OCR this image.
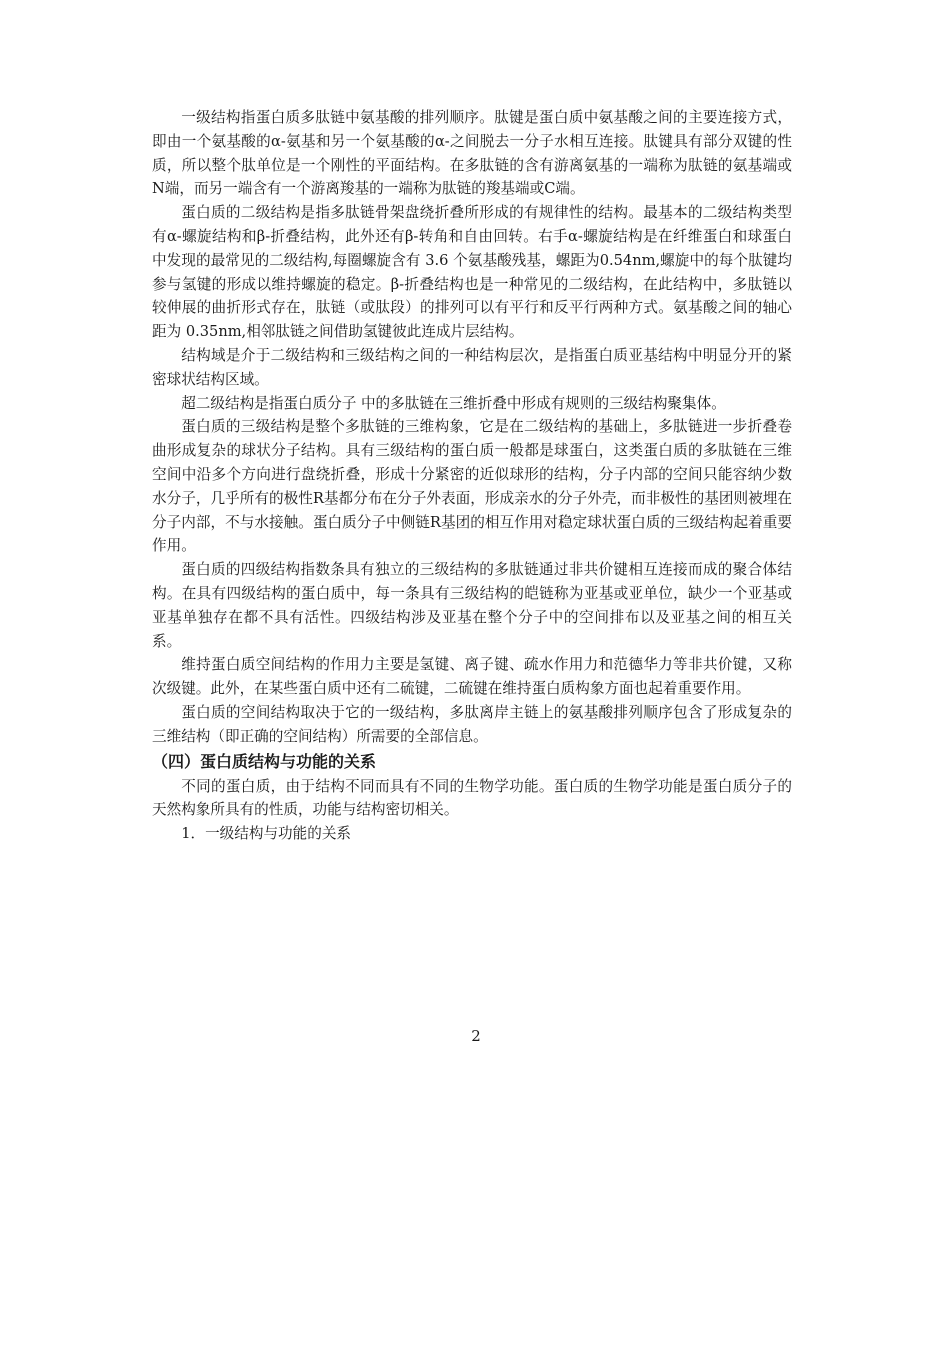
一级结构指蛋白质多肽链中氨基酸的排列顺序。肽键是蛋白质中氨基酸之间的主要连接方式，即由一个氨基酸的α-氨基和另一个氨基酸的α-之间脱去一分子水相互连接。肽键具有部分双键的性质，所以整个肽单位是一个刚性的平面结构。在多肽链的含有游离氨基的一端称为肽链的氨基端或N端，而另一端含有一个游离羧基的一端称为肽链的羧基端或C端。

蛋白质的二级结构是指多肽链骨架盘绕折叠所形成的有规律性的结构。最基本的二级结构类型有α-螺旋结构和β-折叠结构，此外还有β-转角和自由回转。右手α-螺旋结构是在纤维蛋白和球蛋白中发现的最常见的二级结构,每圈螺旋含有 3.6 个氨基酸残基，螺距为0.54nm,螺旋中的每个肽键均参与氢键的形成以维持螺旋的稳定。β-折叠结构也是一种常见的二级结构，在此结构中，多肽链以较伸展的曲折形式存在，肽链（或肽段）的排列可以有平行和反平行两种方式。氨基酸之间的轴心距为 0.35nm,相邻肽链之间借助氢键彼此连成片层结构。

结构域是介于二级结构和三级结构之间的一种结构层次，是指蛋白质亚基结构中明显分开的紧密球状结构区域。

超二级结构是指蛋白质分子 中的多肽链在三维折叠中形成有规则的三级结构聚集体。

蛋白质的三级结构是整个多肽链的三维构象，它是在二级结构的基础上，多肽链进一步折叠卷曲形成复杂的球状分子结构。具有三级结构的蛋白质一般都是球蛋白，这类蛋白质的多肽链在三维空间中沿多个方向进行盘绕折叠，形成十分紧密的近似球形的结构，分子内部的空间只能容纳少数水分子，几乎所有的极性R基都分布在分子外表面，形成亲水的分子外壳，而非极性的基团则被埋在分子内部，不与水接触。蛋白质分子中侧链R基团的相互作用对稳定球状蛋白质的三级结构起着重要作用。

蛋白质的四级结构指数条具有独立的三级结构的多肽链通过非共价键相互连接而成的聚合体结构。在具有四级结构的蛋白质中，每一条具有三级结构的皑链称为亚基或亚单位，缺少一个亚基或亚基单独存在都不具有活性。四级结构涉及亚基在整个分子中的空间排布以及亚基之间的相互关系。

维持蛋白质空间结构的作用力主要是氢键、离子键、疏水作用力和范德华力等非共价键，又称次级键。此外，在某些蛋白质中还有二硫键，二硫键在维持蛋白质构象方面也起着重要作用。

蛋白质的空间结构取决于它的一级结构，多肽离岸主链上的氨基酸排列顺序包含了形成复杂的三维结构（即正确的空间结构）所需要的全部信息。

（四）蛋白质结构与功能的关系

不同的蛋白质，由于结构不同而具有不同的生物学功能。蛋白质的生物学功能是蛋白质分子的天然构象所具有的性质，功能与结构密切相关。

1．一级结构与功能的关系

2
